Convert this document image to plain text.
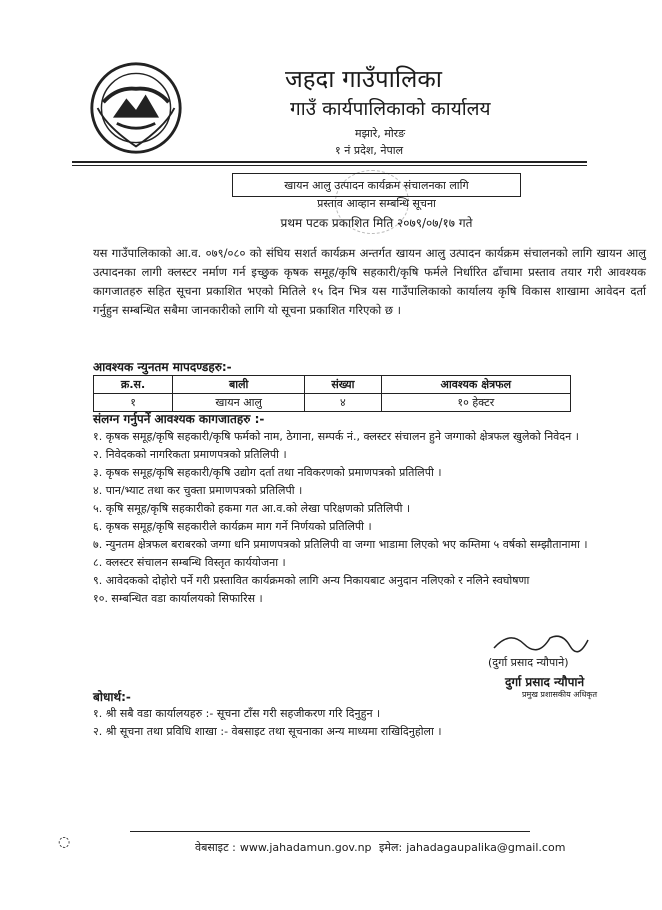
जहदा गाउँपालिका
गाउँ कार्यपालिकाको कार्यालय
मझारे, मोरङ
१ नं प्रदेश, नेपाल
खायन आलु उत्पादन कार्यक्रम संचालनका लागि
प्रस्ताव आव्हान सम्बन्धि सूचना
प्रथम पटक प्रकाशित मिति २०७९/०७/१७ गते
यस गाउँपालिकाको आ.व. ०७९/०८० को संघिय सशर्त कार्यक्रम अन्तर्गत खायन आलु उत्पादन कार्यक्रम संचालनको लागि खायन आलु उत्पादनका लागी क्लस्टर नर्माण गर्न इच्छुक कृषक समूह/कृषि सहकारी/कृषि फर्मले निर्धारित ढाँचामा प्रस्ताव तयार गरी आवश्यक कागजातहरु सहित सूचना प्रकाशित भएको मितिले १५ दिन भित्र यस गाउँपालिकाको कार्यालय कृषि विकास शाखामा आवेदन दर्ता गर्नुहुन सम्बन्धित सबैमा जानकारीको लागि यो सूचना प्रकाशित गरिएको छ ।
आवश्यक न्युनतम मापदण्डहरु:-
क्र.स.	बाली	संख्या	आवश्यक क्षेत्रफल
१	खायन आलु	४	१० हेक्टर
संलग्न गर्नुपर्ने आवश्यक कागजातहरु :-
१. कृषक समूह/कृषि सहकारी/कृषि फर्मको नाम, ठेगाना, सम्पर्क नं., क्लस्टर संचालन हुने जग्गाको क्षेत्रफल खुलेको निवेदन ।
२. निवेदकको नागरिकता प्रमाणपत्रको प्रतिलिपी ।
३. कृषक समूह/कृषि सहकारी/कृषि उद्योग दर्ता तथा नविकरणको प्रमाणपत्रको प्रतिलिपी ।
४. पान/भ्याट तथा कर चुक्ता प्रमाणपत्रको प्रतिलिपी ।
५. कृषि समूह/कृषि सहकारीको हकमा गत आ.व.को लेखा परिक्षणको प्रतिलिपी ।
६. कृषक समूह/कृषि सहकारीले कार्यक्रम माग गर्ने निर्णयको प्रतिलिपी ।
७. न्युनतम क्षेत्रफल बराबरको जग्गा धनि प्रमाणपत्रको प्रतिलिपी वा जग्गा भाडामा लिएको भए कम्तिमा ५ वर्षको सम्झौतानामा ।
८. क्लस्टर संचालन सम्बन्धि विस्तृत कार्ययोजना ।
९. आवेदकको दोहोरो पर्ने गरी प्रस्तावित कार्यक्रमको लागि अन्य निकायबाट अनुदान नलिएको र नलिने स्वघोषणा
१०. सम्बन्धित वडा कार्यालयको सिफारिस ।
(दुर्गा प्रसाद न्यौपाने)
दुर्गा प्रसाद न्यौपाने
प्रमुख प्रशासकीय अधिकृत
बोधार्थ:-
१. श्री सबै वडा कार्यालयहरु :- सूचना टाँस गरी सहजीकरण गरि दिनुहुन ।
२. श्री सूचना तथा प्रविधि शाखा :- वेबसाइट तथा सूचनाका अन्य माध्यमा राखिदिनुहोला ।
◌	वेबसाइट : www.jahadamun.gov.np इमेल: jahadagaupalika@gmail.com
